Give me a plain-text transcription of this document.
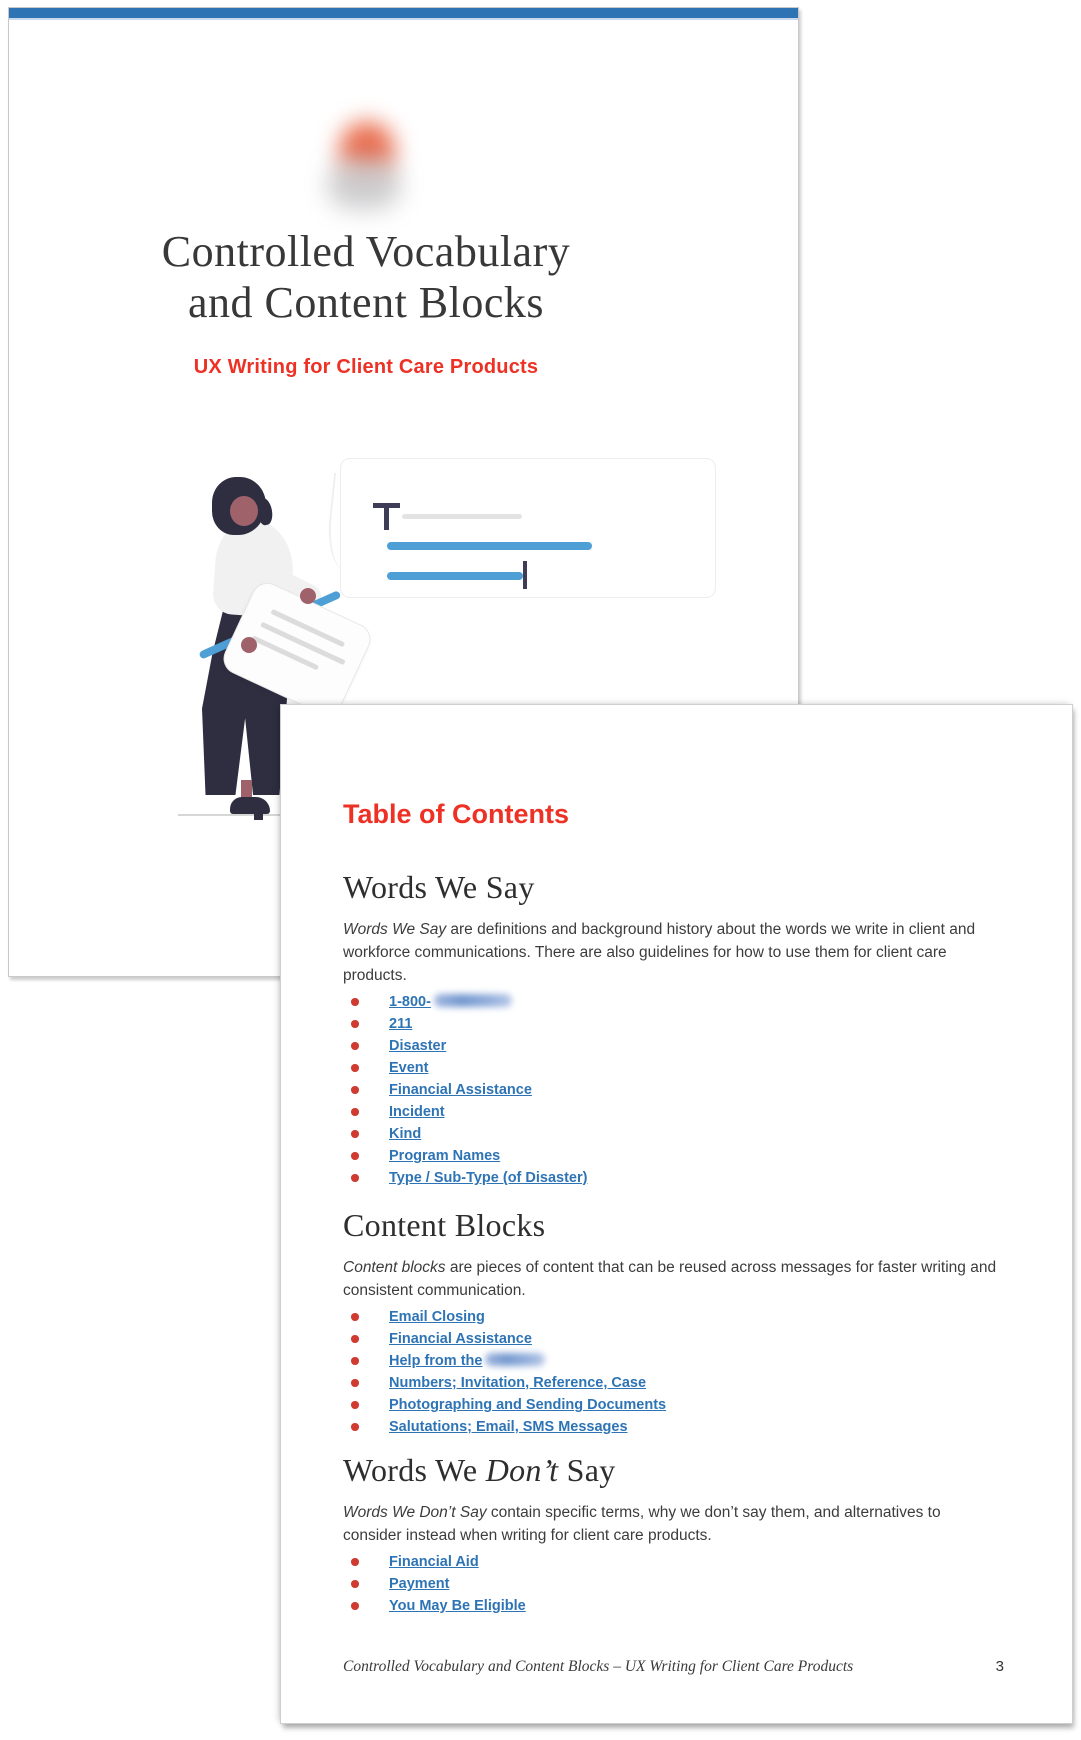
Controlled Vocabulary
and Content Blocks
UX Writing for Client Care Products
Table of Contents
Words We Say

Words We Say are definitions and background history about the words we write in client and workforce communications. There are also guidelines for how to use them for client care products.

1-800-
211
Disaster
Event
Financial Assistance
Incident
Kind
Program Names
Type / Sub-Type (of Disaster)
Content Blocks

Content blocks are pieces of content that can be reused across messages for faster writing and consistent communication.

Email Closing
Financial Assistance
Help from the
Numbers; Invitation, Reference, Case
Photographing and Sending Documents
Salutations; Email, SMS Messages
Words We Don’t Say

Words We Don’t Say contain specific terms, why we don’t say them, and alternatives to consider instead when writing for client care products.

Financial Aid
Payment
You May Be Eligible
Controlled Vocabulary and Content Blocks – UX Writing for Client Care Products	3
